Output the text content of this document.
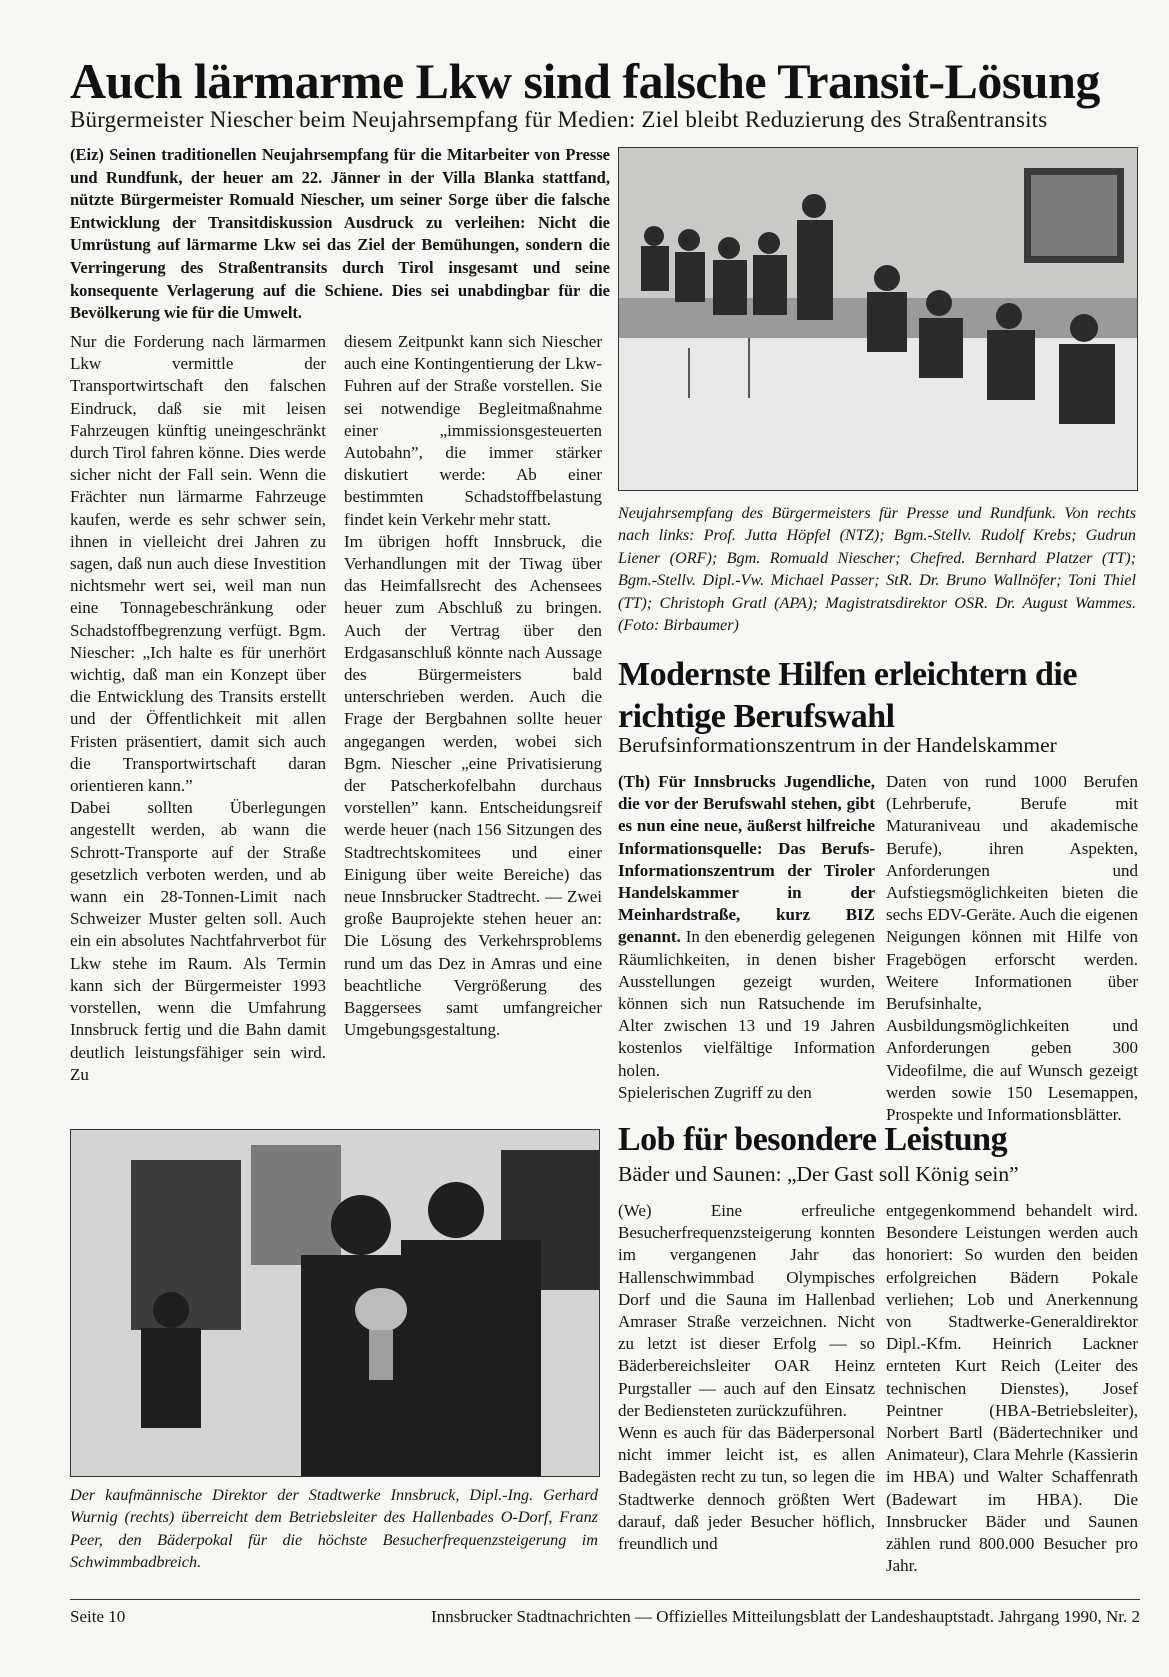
Auch lärmarme Lkw sind falsche Transit-Lösung
Bürgermeister Niescher beim Neujahrsempfang für Medien: Ziel bleibt Reduzierung des Straßentransits
(Eiz) Seinen traditionellen Neujahrsempfang für die Mitarbeiter von Presse und Rundfunk, der heuer am 22. Jänner in der Villa Blanka stattfand, nützte Bürgermeister Romuald Niescher, um seiner Sorge über die falsche Entwicklung der Transitdiskussion Ausdruck zu verleihen: Nicht die Umrüstung auf lärmarme Lkw sei das Ziel der Bemühungen, sondern die Verringerung des Straßentransits durch Tirol insgesamt und seine konsequente Verlagerung auf die Schiene. Dies sei unabdingbar für die Bevölkerung wie für die Umwelt.

Nur die Forderung nach lärmarmen Lkw vermittle der Transportwirtschaft den falschen Eindruck, daß sie mit leisen Fahrzeugen künftig uneingeschränkt durch Tirol fahren könne. Dies werde sicher nicht der Fall sein. Wenn die Frächter nun lärmarme Fahrzeuge kaufen, werde es sehr schwer sein, ihnen in vielleicht drei Jahren zu sagen, daß nun auch diese Investition nichtsmehr wert sei, weil man nun eine Tonnagebeschränkung oder Schadstoffbegrenzung verfügt. Bgm. Niescher: „Ich halte es für unerhört wichtig, daß man ein Konzept über die Entwicklung des Transits erstellt und der Öffentlichkeit mit allen Fristen präsentiert, damit sich auch die Transportwirtschaft daran orientieren kann.”

Dabei sollten Überlegungen angestellt werden, ab wann die Schrott-Transporte auf der Straße gesetzlich verboten werden, und ab wann ein 28-Tonnen-Limit nach Schweizer Muster gelten soll. Auch ein ein absolutes Nachtfahrverbot für Lkw stehe im Raum. Als Termin kann sich der Bürgermeister 1993 vorstellen, wenn die Umfahrung Innsbruck fertig und die Bahn damit deutlich leistungsfähiger sein wird. Zu

diesem Zeitpunkt kann sich Niescher auch eine Kontingentierung der Lkw-Fuhren auf der Straße vorstellen. Sie sei notwendige Begleitmaßnahme einer „immissionsgesteuerten Autobahn”, die immer stärker diskutiert werde: Ab einer bestimmten Schadstoffbelastung findet kein Verkehr mehr statt.

Im übrigen hofft Innsbruck, die Verhandlungen mit der Tiwag über das Heimfallsrecht des Achensees heuer zum Abschluß zu bringen. Auch der Vertrag über den Erdgasanschluß könnte nach Aussage des Bürgermeisters bald unterschrieben werden. Auch die Frage der Bergbahnen sollte heuer angegangen werden, wobei sich Bgm. Niescher „eine Privatisierung der Patscherkofelbahn durchaus vorstellen” kann. Entscheidungsreif werde heuer (nach 156 Sitzungen des Stadtrechtskomitees und einer Einigung über weite Bereiche) das neue Innsbrucker Stadtrecht. — Zwei große Bauprojekte stehen heuer an: Die Lösung des Verkehrsproblems rund um das Dez in Amras und eine beachtliche Vergrößerung des Baggersees samt umfangreicher Umgebungsgestaltung.

Neujahrsempfang des Bürgermeisters für Presse und Rundfunk. Von rechts nach links: Prof. Jutta Höpfel (NTZ); Bgm.-Stellv. Rudolf Krebs; Gudrun Liener (ORF); Bgm. Romuald Niescher; Chefred. Bernhard Platzer (TT); Bgm.-Stellv. Dipl.-Vw. Michael Passer; StR. Dr. Bruno Wallnöfer; Toni Thiel (TT); Christoph Gratl (APA); Magistratsdirektor OSR. Dr. August Wammes. (Foto: Birbaumer)
Modernste Hilfen erleichtern die richtige Berufswahl
Berufsinformationszentrum in der Handelskammer

(Th) Für Innsbrucks Jugendliche, die vor der Berufswahl stehen, gibt es nun eine neue, äußerst hilfreiche Informationsquelle: Das Berufs-Informationszentrum der Tiroler Handelskammer in der Meinhardstraße, kurz BIZ genannt. In den ebenerdig gelegenen Räumlichkeiten, in denen bisher Ausstellungen gezeigt wurden, können sich nun Ratsuchende im Alter zwischen 13 und 19 Jahren kostenlos vielfältige Information holen.

Spielerischen Zugriff zu den

Daten von rund 1000 Berufen (Lehrberufe, Berufe mit Maturaniveau und akademische Berufe), ihren Aspekten, Anforderungen und Aufstiegsmöglichkeiten bieten die sechs EDV-Geräte. Auch die eigenen Neigungen können mit Hilfe von Fragebögen erforscht werden. Weitere Informationen über Berufsinhalte, Ausbildungsmöglichkeiten und Anforderungen geben 300 Videofilme, die auf Wunsch gezeigt werden sowie 150 Lesemappen, Prospekte und Informationsblätter.

Der kaufmännische Direktor der Stadtwerke Innsbruck, Dipl.-Ing. Gerhard Wurnig (rechts) überreicht dem Betriebsleiter des Hallenbades O-Dorf, Franz Peer, den Bäderpokal für die höchste Besucherfrequenzsteigerung im Schwimmbadbreich.
Lob für besondere Leistung
Bäder und Saunen: „Der Gast soll König sein”

(We) Eine erfreuliche Besucherfrequenzsteigerung konnten im vergangenen Jahr das Hallenschwimmbad Olympisches Dorf und die Sauna im Hallenbad Amraser Straße verzeichnen. Nicht zu letzt ist dieser Erfolg — so Bäderbereichsleiter OAR Heinz Purgstaller — auch auf den Einsatz der Bediensteten zurückzuführen.

Wenn es auch für das Bäderpersonal nicht immer leicht ist, es allen Badegästen recht zu tun, so legen die Stadtwerke dennoch größten Wert darauf, daß jeder Besucher höflich, freundlich und

entgegenkommend behandelt wird. Besondere Leistungen werden auch honoriert: So wurden den beiden erfolgreichen Bädern Pokale verliehen; Lob und Anerkennung von Stadtwerke-Generaldirektor Dipl.-Kfm. Heinrich Lackner ernteten Kurt Reich (Leiter des technischen Dienstes), Josef Peintner (HBA-Betriebsleiter), Norbert Bartl (Bädertechniker und Animateur), Clara Mehrle (Kassierin im HBA) und Walter Schaffenrath (Badewart im HBA). Die Innsbrucker Bäder und Saunen zählen rund 800.000 Besucher pro Jahr.

Seite 10	Innsbrucker Stadtnachrichten — Offizielles Mitteilungsblatt der Landeshauptstadt. Jahrgang 1990, Nr. 2
